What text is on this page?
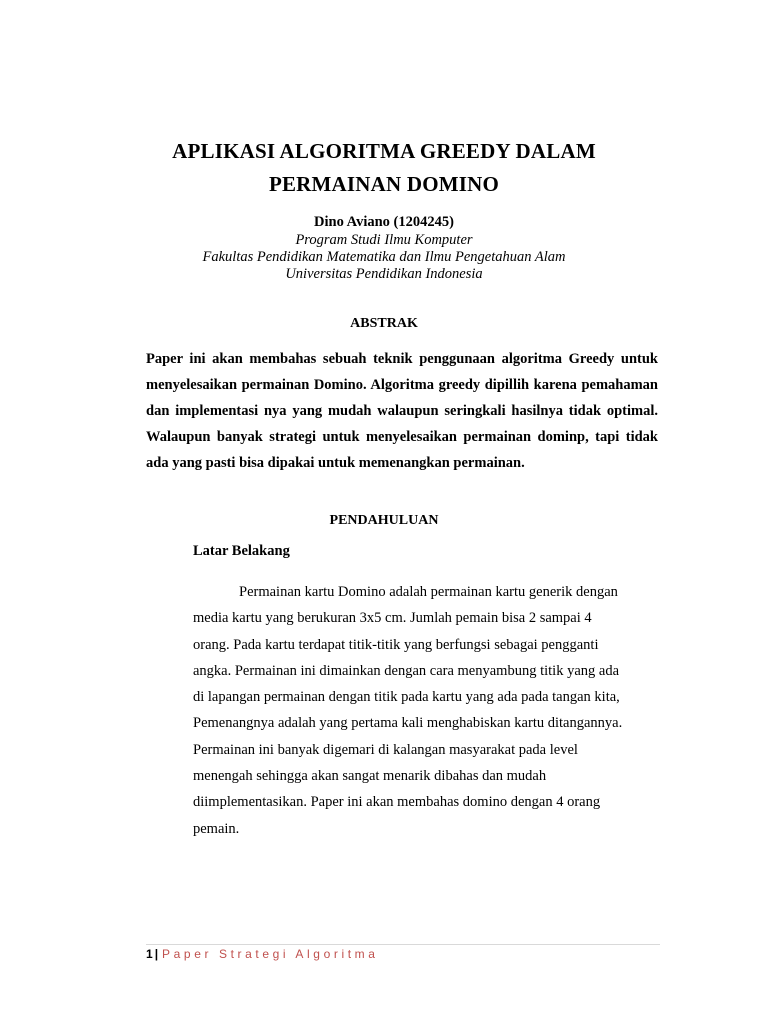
APLIKASI ALGORITMA GREEDY DALAM
PERMAINAN DOMINO
Dino Aviano (1204245)
Program Studi Ilmu Komputer
Fakultas Pendidikan Matematika dan Ilmu Pengetahuan Alam
Universitas Pendidikan Indonesia
ABSTRAK

Paper ini akan membahas sebuah teknik penggunaan algoritma Greedy untuk menyelesaikan permainan Domino. Algoritma greedy dipillih karena pemahaman dan implementasi nya yang mudah walaupun seringkali hasilnya tidak optimal. Walaupun banyak strategi untuk menyelesaikan permainan dominp, tapi tidak ada yang pasti bisa dipakai untuk memenangkan permainan.

PENDAHULUAN
Latar Belakang
Permainan kartu Domino adalah permainan kartu generik dengan
media kartu yang berukuran 3x5 cm. Jumlah pemain bisa 2 sampai 4
orang. Pada kartu terdapat titik-titik yang berfungsi sebagai pengganti
angka. Permainan ini dimainkan dengan cara menyambung titik yang ada
di lapangan permainan dengan titik pada kartu yang ada pada tangan kita,
Pemenangnya adalah yang pertama kali menghabiskan kartu ditangannya.
Permainan ini banyak digemari di kalangan masyarakat pada level
menengah sehingga akan sangat menarik dibahas dan mudah
diimplementasikan. Paper ini akan membahas domino dengan 4 orang
pemain.
1 | Paper Strategi Algoritma
